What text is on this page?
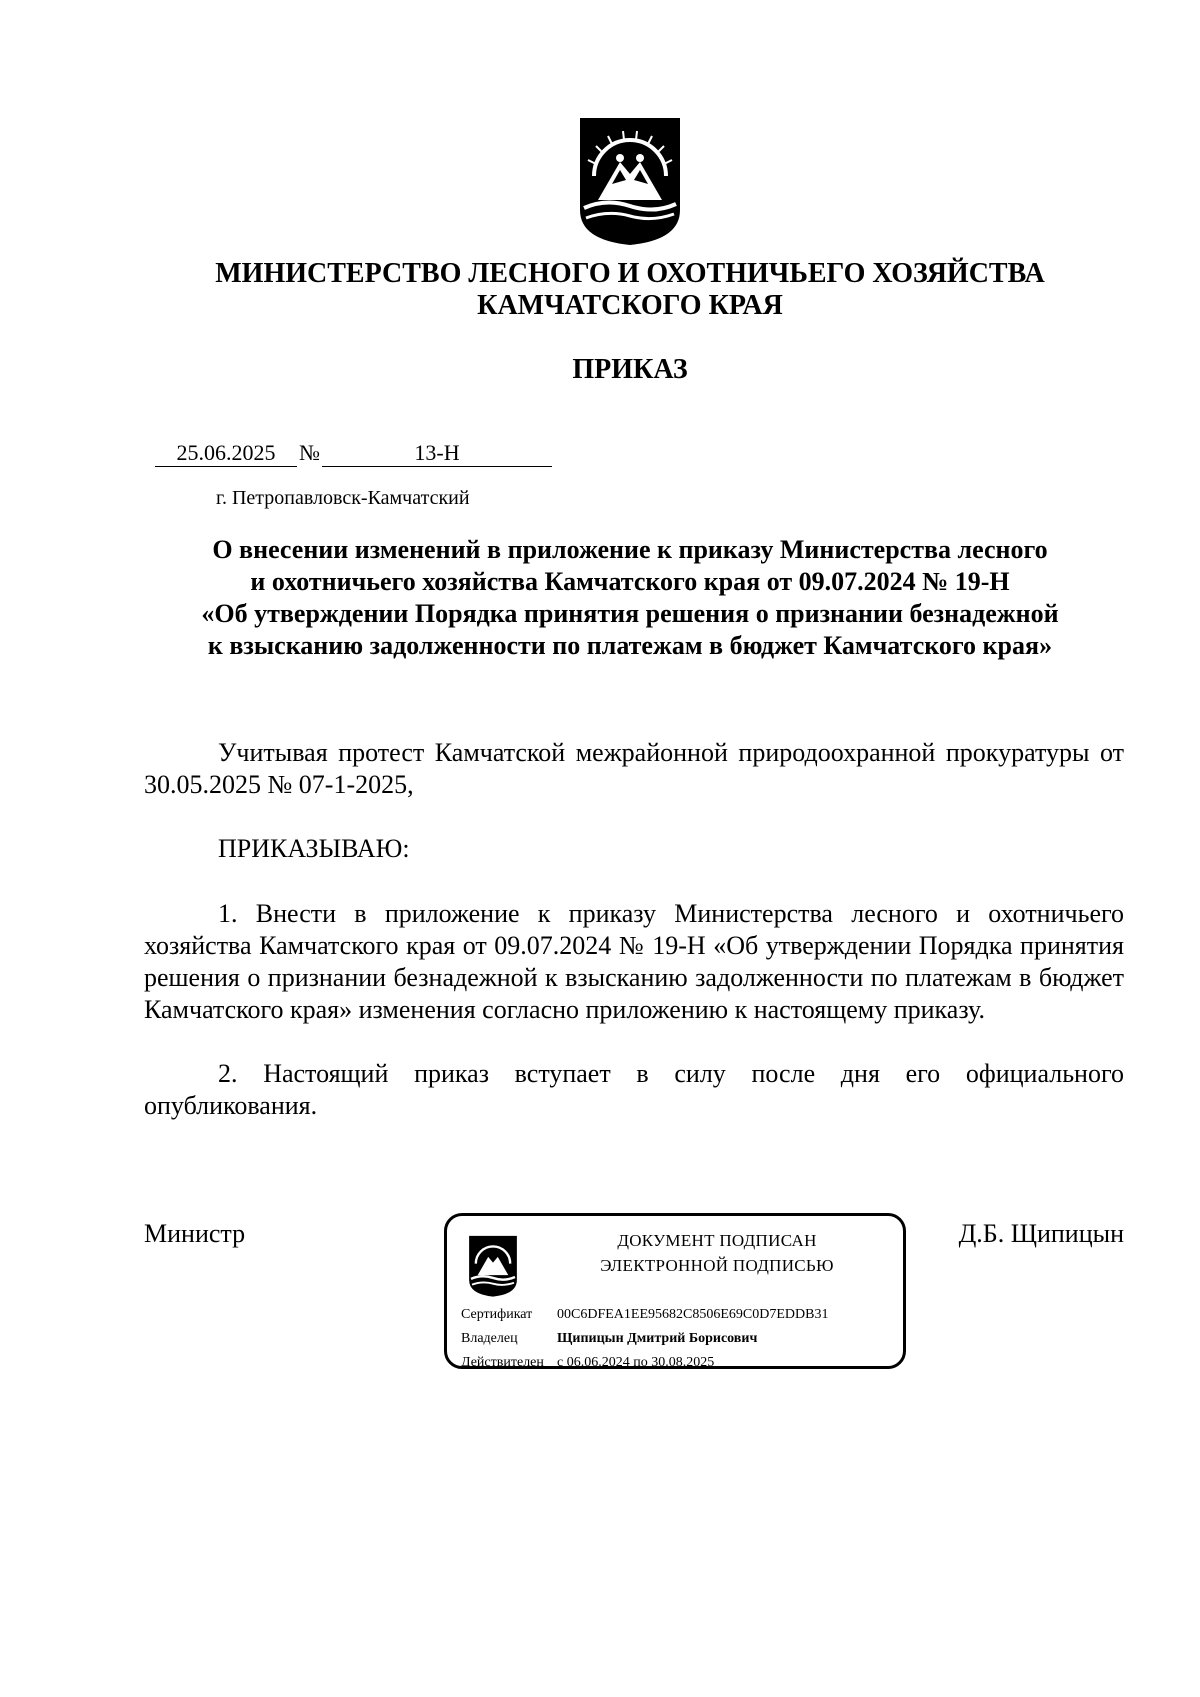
МИНИСТЕРСТВО ЛЕСНОГО И ОХОТНИЧЬЕГО ХОЗЯЙСТВА
КАМЧАТСКОГО КРАЯ
ПРИКАЗ
25.06.2025 №	13-Н
г. Петропавловск-Камчатский
О внесении изменений в приложение к приказу Министерства лесного
и охотничьего хозяйства Камчатского края от 09.07.2024 № 19-Н
«Об утверждении Порядка принятия решения о признании безнадежной
к взысканию задолженности по платежам в бюджет Камчатского края»
Учитывая протест Камчатской межрайонной природоохранной прокуратуры от 30.05.2025 № 07-1-2025,
ПРИКАЗЫВАЮ:
1. Внести в приложение к приказу Министерства лесного и охотничьего хозяйства Камчатского края от 09.07.2024 № 19-Н «Об утверждении Порядка принятия решения о признании безнадежной к взысканию задолженности по платежам в бюджет Камчатского края» изменения согласно приложению к настоящему приказу.
2. Настоящий приказ вступает в силу после дня его официального опубликования.
Министр	Д.Б. Щипицын
ДОКУМЕНТ ПОДПИСАН
ЭЛЕКТРОННОЙ ПОДПИСЬЮ
Сертификат 00C6DFEA1EE95682C8506E69C0D7EDDB31
Владелец	Щипицын Дмитрий Борисович
Действителен с 06.06.2024 по 30.08.2025
